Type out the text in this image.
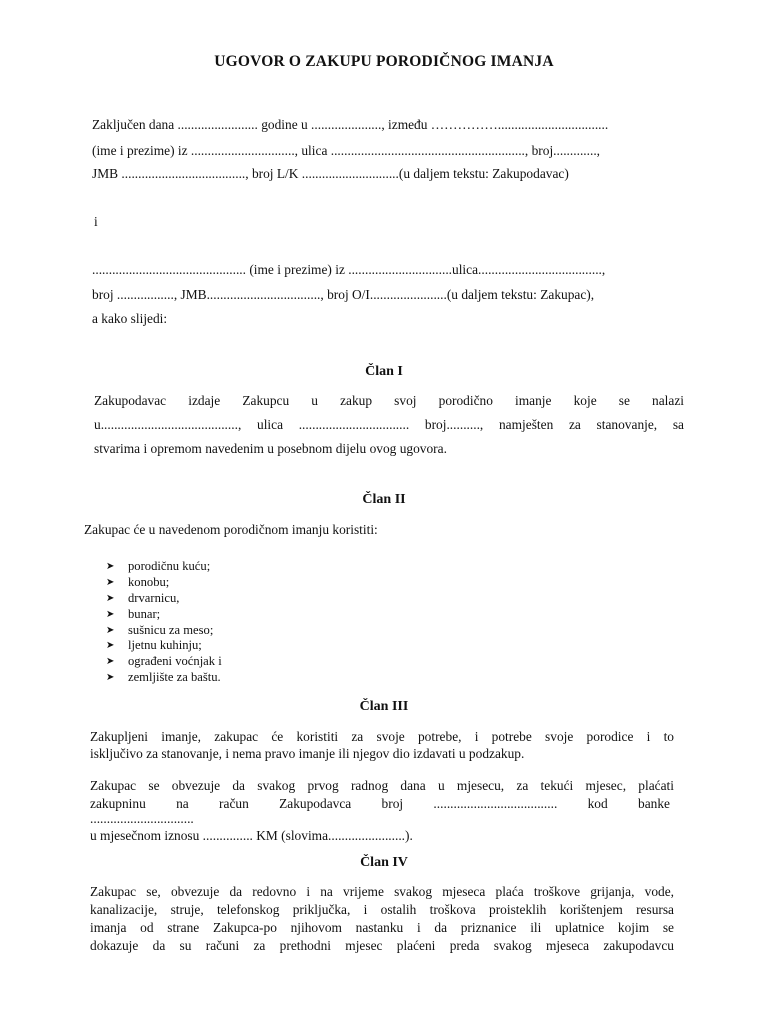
UGOVOR O ZAKUPU PORODIČNOG IMANJA
Zaključen dana ........................ godine u ....................., između …………….................................
(ime i prezime) iz ..............................., ulica .........................................................., broj.............,
JMB ....................................., broj L/K .............................(u daljem tekstu: Zakupodavac)
i
.............................................. (ime i prezime) iz ...............................ulica.....................................,
broj ................., JMB.................................., broj O/I.......................(u daljem tekstu: Zakupac),
a kako slijedi:
Član I
Zakupodavac izdaje Zakupcu u zakup svoj porodično imanje koje se nalazi
u........................................., ulica ................................. broj.........., namješten za stanovanje, sa
stvarima i opremom navedenim u posebnom dijelu ovog ugovora.
Član II
Zakupac će u navedenom porodičnom imanju koristiti:
➤ porodičnu kuću;
➤ konobu;
➤ drvarnicu,
➤ bunar;
➤ sušnicu za meso;
➤ ljetnu kuhinju;
➤ ograđeni voćnjak i
➤ zemljište za baštu.
Član III
Zakupljeni imanje, zakupac će koristiti za svoje potrebe, i potrebe svoje porodice i to
isključivo za stanovanje, i nema pravo imanje ili njegov dio izdavati u podzakup.
Zakupac se obvezuje da svakog prvog radnog dana u mjesecu, za tekući mjesec, plaćati
zakupninu na račun Zakupodavca broj ..................................... kod banke
...............................
u mjesečnom iznosu ............... KM (slovima.......................).
Član IV
Zakupac se, obvezuje da redovno i na vrijeme svakog mjeseca plaća troškove grijanja, vode,
kanalizacije, struje, telefonskog priključka, i ostalih troškova proisteklih korištenjem resursa
imanja od strane Zakupca-po njihovom nastanku i da priznanice ili uplatnice kojim se
dokazuje da su računi za prethodni mjesec plaćeni preda svakog mjeseca zakupodavcu
